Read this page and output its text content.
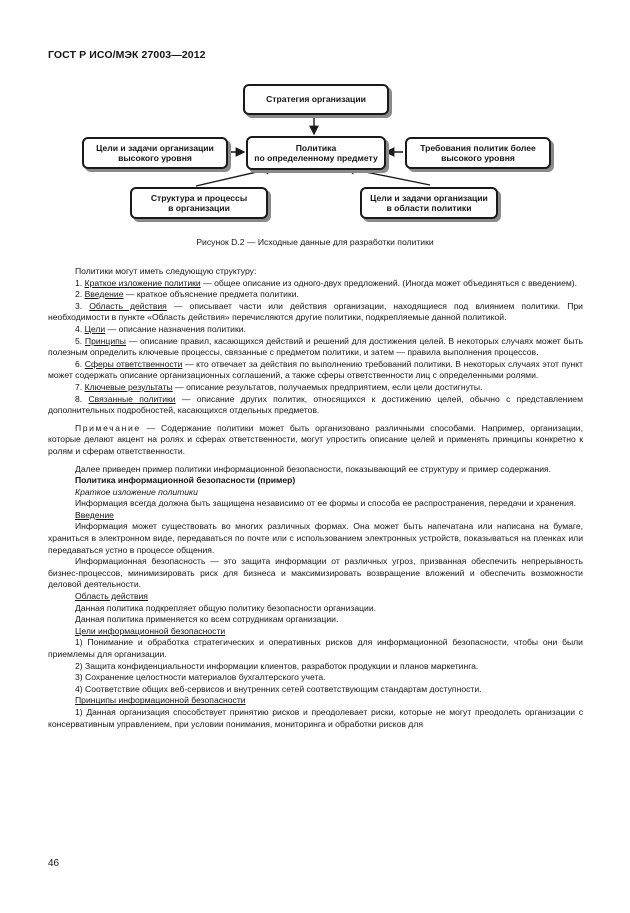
ГОСТ Р ИСО/МЭК 27003—2012
Стратегия организации
Политика
по определенному предмету
Цели и задачи организации
высокого уровня
Требования политик более
высокого уровня
Структура и процессы
в организации
Цели и задачи организации
в области политики
Рисунок D.2 — Исходные данные для разработки политики

Политики могут иметь следующую структуру:

1. Краткое изложение политики — общее описание из одного-двух предложений. (Иногда может объединяться с введением).

2. Введение — краткое объяснение предмета политики.

3. Область действия — описывает части или действия организации, находящиеся под влиянием политики. При необходимости в пункте «Область действия» перечисляются другие политики, подкрепляемые данной политикой.

4. Цели — описание назначения политики.

5. Принципы — описание правил, касающихся действий и решений для достижения целей. В некоторых случаях может быть полезным определить ключевые процессы, связанные с предметом политики, и затем — правила выполнения процессов.

6. Сферы ответственности — кто отвечает за действия по выполнению требований политики. В некоторых случаях этот пункт может содержать описание организационных соглашений, а также сферы ответственности лиц с определенными ролями.

7. Ключевые результаты — описание результатов, получаемых предприятием, если цели достигнуты.

8. Связанные политики — описание других политик, относящихся к достижению целей, обычно с представлением дополнительных подробностей, касающихся отдельных предметов.

Примечание — Содержание политики может быть организовано различными способами. Например, организации, которые делают акцент на ролях и сферах ответственности, могут упростить описание целей и применять принципы конкретно к ролям и сферам ответственности.

Далее приведен пример политики информационной безопасности, показывающий ее структуру и пример содержания.

Политика информационной безопасности (пример)

Краткое изложение политики

Информация всегда должна быть защищена независимо от ее формы и способа ее распространения, передачи и хранения.

Введение

Информация может существовать во многих различных формах. Она может быть напечатана или написана на бумаге, храниться в электронном виде, передаваться по почте или с использованием электронных устройств, показываться на пленках или передаваться устно в процессе общения.

Информационная безопасность — это защита информации от различных угроз, призванная обеспечить непрерывность бизнес-процессов, минимизировать риск для бизнеса и максимизировать возвращение вложений и обеспечить возможности деловой деятельности.

Область действия

Данная политика подкрепляет общую политику безопасности организации.

Данная политика применяется ко всем сотрудникам организации.

Цели информационной безопасности

1) Понимание и обработка стратегических и оперативных рисков для информационной безопасности, чтобы они были приемлемы для организации.

2) Защита конфиденциальности информации клиентов, разработок продукции и планов маркетинга.

3) Сохранение целостности материалов бухгалтерского учета.

4) Соответствие общих веб-сервисов и внутренних сетей соответствующим стандартам доступности.

Принципы информационной безопасности

1) Данная организация способствует принятию рисков и преодолевает риски, которые не могут преодолеть организации с консервативным управлением, при условии понимания, мониторинга и обработки рисков для

46
